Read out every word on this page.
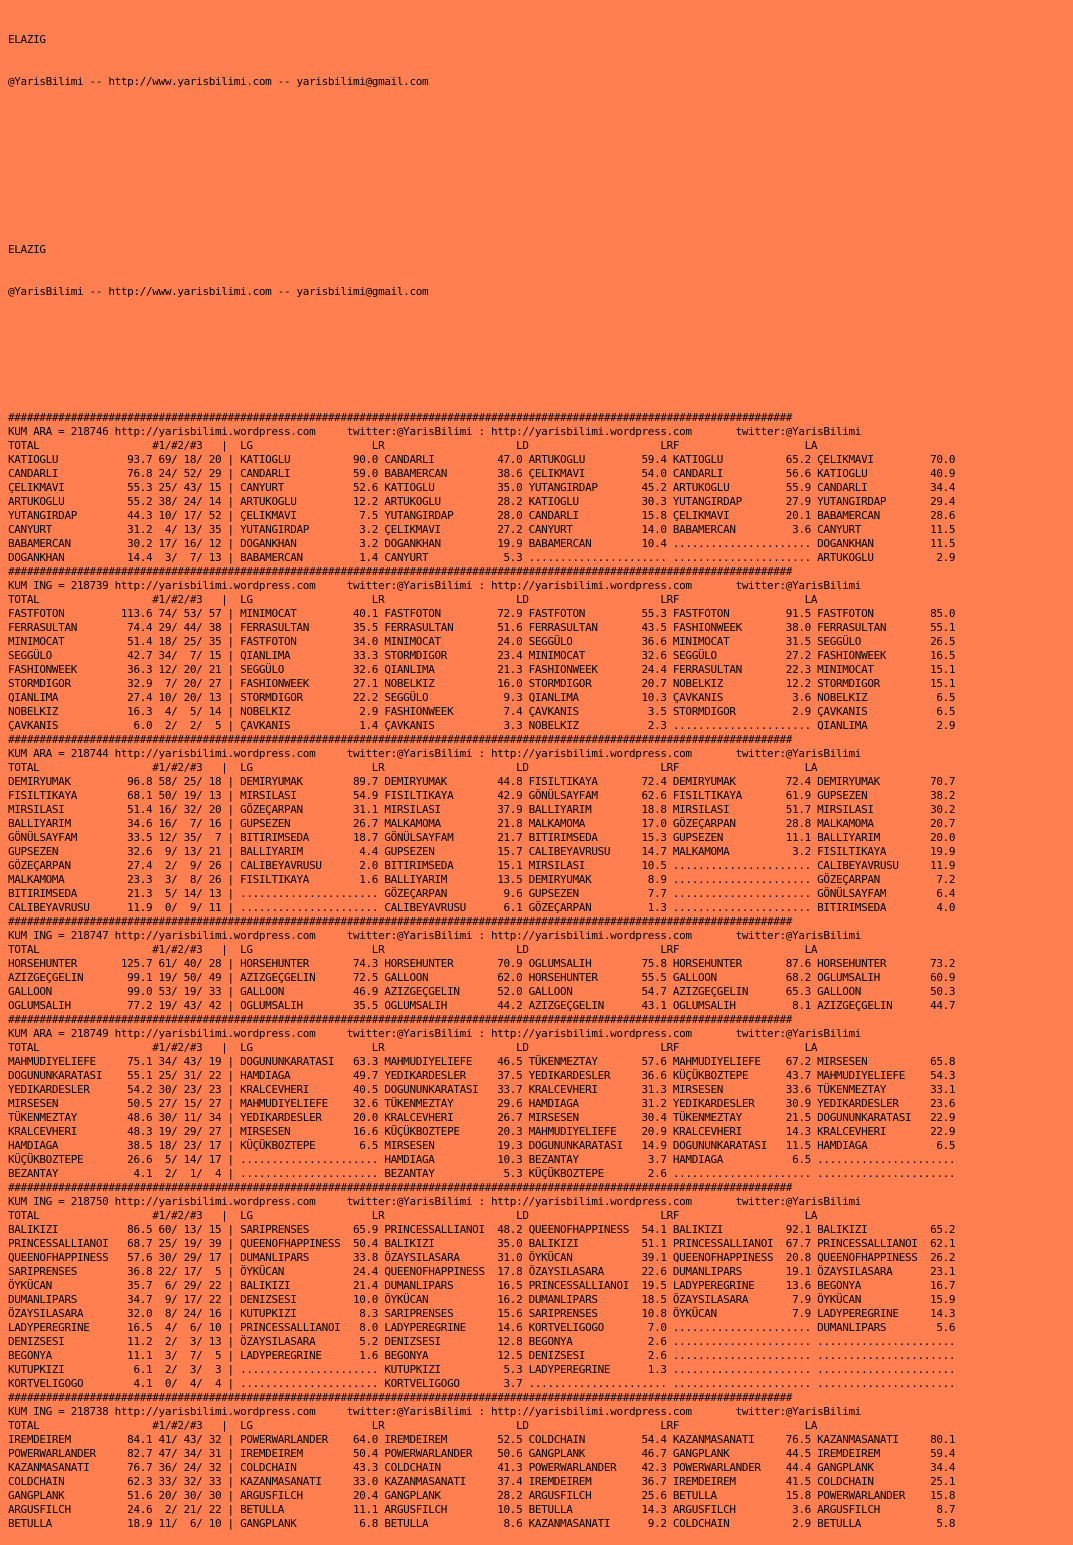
ELAZIG

@YarisBilimi -- http://www.yarisbilimi.com -- yarisbilimi@gmail.com

ELAZIG

@YarisBilimi -- http://www.yarisbilimi.com -- yarisbilimi@gmail.com

#############################################################################################################################
KUM ARA = 218746 http://yarisbilimi.wordpress.com     twitter:@YarisBilimi : http://yarisbilimi.wordpress.com       twitter:@YarisBilimi
TOTAL                  #1/#2/#3   |  LG                   LR                     LD                     LRF                    LA
KATIOGLU           93.7 69/ 18/ 20 | KATIOGLU          90.0 CANDARLI          47.0 ARTUKOGLU         59.4 KATIOGLU          65.2 ÇELIKMAVI         70.0
CANDARLI           76.8 24/ 52/ 29 | CANDARLI          59.0 BABAMERCAN        38.6 ÇELIKMAVI         54.0 CANDARLI          56.6 KATIOGLU          40.9
ÇELIKMAVI          55.3 25/ 43/ 15 | CANYURT           52.6 KATIOGLU          35.0 YUTANGIRDAP       45.2 ARTUKOGLU         55.9 CANDARLI          34.4
ARTUKOGLU          55.2 38/ 24/ 14 | ARTUKOGLU         12.2 ARTUKOGLU         28.2 KATIOGLU          30.3 YUTANGIRDAP       27.9 YUTANGIRDAP       29.4
YUTANGIRDAP        44.3 10/ 17/ 52 | ÇELIKMAVI          7.5 YUTANGIRDAP       28.0 CANDARLI          15.8 ÇELIKMAVI         20.1 BABAMERCAN        28.6
CANYURT            31.2  4/ 13/ 35 | YUTANGIRDAP        3.2 ÇELIKMAVI         27.2 CANYURT           14.0 BABAMERCAN         3.6 CANYURT           11.5
BABAMERCAN         30.2 17/ 16/ 12 | DOGANKHAN          3.2 DOGANKHAN         19.9 BABAMERCAN        10.4 ...................... DOGANKHAN         11.5
DOGANKHAN          14.4  3/  7/ 13 | BABAMERCAN         1.4 CANYURT            5.3 ...................... ...................... ARTUKOGLU          2.9
#############################################################################################################################
KUM ING = 218739 http://yarisbilimi.wordpress.com     twitter:@YarisBilimi : http://yarisbilimi.wordpress.com       twitter:@YarisBilimi
TOTAL                  #1/#2/#3   |  LG                   LR                     LD                     LRF                    LA
FASTFOTON         113.6 74/ 53/ 57 | MINIMOCAT         40.1 FASTFOTON         72.9 FASTFOTON         55.3 FASTFOTON         91.5 FASTFOTON         85.0
FERRASULTAN        74.4 29/ 44/ 38 | FERRASULTAN       35.5 FERRASULTAN       51.6 FERRASULTAN       43.5 FASHIONWEEK       38.0 FERRASULTAN       55.1
MINIMOCAT          51.4 18/ 25/ 35 | FASTFOTON         34.0 MINIMOCAT         24.0 SEGGÜLO           36.6 MINIMOCAT         31.5 SEGGÜLO           26.5
SEGGÜLO            42.7 34/  7/ 15 | QIANLIMA          33.3 STORMDIGOR        23.4 MINIMOCAT         32.6 SEGGÜLO           27.2 FASHIONWEEK       16.5
FASHIONWEEK        36.3 12/ 20/ 21 | SEGGÜLO           32.6 QIANLIMA          21.3 FASHIONWEEK       24.4 FERRASULTAN       22.3 MINIMOCAT         15.1
STORMDIGOR         32.9  7/ 20/ 27 | FASHIONWEEK       27.1 NOBELKIZ          16.0 STORMDIGOR        20.7 NOBELKIZ          12.2 STORMDIGOR        15.1
QIANLIMA           27.4 10/ 20/ 13 | STORMDIGOR        22.2 SEGGÜLO            9.3 QIANLIMA          10.3 ÇAVKANIS           3.6 NOBELKIZ           6.5
NOBELKIZ           16.3  4/  5/ 14 | NOBELKIZ           2.9 FASHIONWEEK        7.4 ÇAVKANIS           3.5 STORMDIGOR         2.9 ÇAVKANIS           6.5
ÇAVKANIS            6.0  2/  2/  5 | ÇAVKANIS           1.4 ÇAVKANIS           3.3 NOBELKIZ           2.3 ...................... QIANLIMA           2.9
#############################################################################################################################
KUM ARA = 218744 http://yarisbilimi.wordpress.com     twitter:@YarisBilimi : http://yarisbilimi.wordpress.com       twitter:@YarisBilimi
TOTAL                  #1/#2/#3   |  LG                   LR                     LD                     LRF                    LA
DEMIRYUMAK         96.8 58/ 25/ 18 | DEMIRYUMAK        89.7 DEMIRYUMAK        44.8 FISILTIKAYA       72.4 DEMIRYUMAK        72.4 DEMIRYUMAK        70.7
FISILTIKAYA        68.1 50/ 19/ 13 | MIRSILASI         54.9 FISILTIKAYA       42.9 GÖNÜLSAYFAM       62.6 FISILTIKAYA       61.9 GUPSEZEN          38.2
MIRSILASI          51.4 16/ 32/ 20 | GÖZEÇARPAN        31.1 MIRSILASI         37.9 BALLIYARIM        18.8 MIRSILASI         51.7 MIRSILASI         30.2
BALLIYARIM         34.6 16/  7/ 16 | GUPSEZEN          26.7 MALKAMOMA         21.8 MALKAMOMA         17.0 GÖZEÇARPAN        28.8 MALKAMOMA         20.7
GÖNÜLSAYFAM        33.5 12/ 35/  7 | BITIRIMSEDA       18.7 GÖNÜLSAYFAM       21.7 BITIRIMSEDA       15.3 GUPSEZEN          11.1 BALLIYARIM        20.0
GUPSEZEN           32.6  9/ 13/ 21 | BALLIYARIM         4.4 GUPSEZEN          15.7 CALIBEYAVRUSU     14.7 MALKAMOMA          3.2 FISILTIKAYA       19.9
GÖZEÇARPAN         27.4  2/  9/ 26 | CALIBEYAVRUSU      2.0 BITIRIMSEDA       15.1 MIRSILASI         10.5 ...................... CALIBEYAVRUSU     11.9
MALKAMOMA          23.3  3/  8/ 26 | FISILTIKAYA        1.6 BALLIYARIM        13.5 DEMIRYUMAK         8.9 ...................... GÖZEÇARPAN         7.2
BITIRIMSEDA        21.3  5/ 14/ 13 | ...................... GÖZEÇARPAN         9.6 GUPSEZEN           7.7 ...................... GÖNÜLSAYFAM        6.4
CALIBEYAVRUSU      11.9  0/  9/ 11 | ...................... CALIBEYAVRUSU      6.1 GÖZEÇARPAN         1.3 ...................... BITIRIMSEDA        4.0
#############################################################################################################################
KUM ING = 218747 http://yarisbilimi.wordpress.com     twitter:@YarisBilimi : http://yarisbilimi.wordpress.com       twitter:@YarisBilimi
TOTAL                  #1/#2/#3   |  LG                   LR                     LD                     LRF                    LA
HORSEHUNTER       125.7 61/ 40/ 28 | HORSEHUNTER       74.3 HORSEHUNTER       70.9 OGLUMSALIH        75.8 HORSEHUNTER       87.6 HORSEHUNTER       73.2
AZIZGEÇGELIN       99.1 19/ 50/ 49 | AZIZGEÇGELIN      72.5 GALLOON           62.0 HORSEHUNTER       55.5 GALLOON           68.2 OGLUMSALIH        60.9
GALLOON            99.0 53/ 19/ 33 | GALLOON           46.9 AZIZGEÇGELIN      52.0 GALLOON           54.7 AZIZGEÇGELIN      65.3 GALLOON           50.3
OGLUMSALIH         77.2 19/ 43/ 42 | OGLUMSALIH        35.5 OGLUMSALIH        44.2 AZIZGEÇGELIN      43.1 OGLUMSALIH         8.1 AZIZGEÇGELIN      44.7
#############################################################################################################################
KUM ARA = 218749 http://yarisbilimi.wordpress.com     twitter:@YarisBilimi : http://yarisbilimi.wordpress.com       twitter:@YarisBilimi
TOTAL                  #1/#2/#3   |  LG                   LR                     LD                     LRF                    LA
MAHMUDIYELIEFE     75.1 34/ 43/ 19 | DOGUNUNKARATASI   63.3 MAHMUDIYELIEFE    46.5 TÜKENMEZTAY       57.6 MAHMUDIYELIEFE    67.2 MIRSESEN          65.8
DOGUNUNKARATASI    55.1 25/ 31/ 22 | HAMDIAGA          49.7 YEDIKARDESLER     37.5 YEDIKARDESLER     36.6 KÜÇÜKBOZTEPE      43.7 MAHMUDIYELIEFE    54.3
YEDIKARDESLER      54.2 30/ 23/ 23 | KRALCEVHERI       40.5 DOGUNUNKARATASI   33.7 KRALCEVHERI       31.3 MIRSESEN          33.6 TÜKENMEZTAY       33.1
MIRSESEN           50.5 27/ 15/ 27 | MAHMUDIYELIEFE    32.6 TÜKENMEZTAY       29.6 HAMDIAGA          31.2 YEDIKARDESLER     30.9 YEDIKARDESLER     23.6
TÜKENMEZTAY        48.6 30/ 11/ 34 | YEDIKARDESLER     20.0 KRALCEVHERI       26.7 MIRSESEN          30.4 TÜKENMEZTAY       21.5 DOGUNUNKARATASI   22.9
KRALCEVHERI        48.3 19/ 29/ 27 | MIRSESEN          16.6 KÜÇÜKBOZTEPE      20.3 MAHMUDIYELIEFE    20.9 KRALCEVHERI       14.3 KRALCEVHERI       22.9
HAMDIAGA           38.5 18/ 23/ 17 | KÜÇÜKBOZTEPE       6.5 MIRSESEN          19.3 DOGUNUNKARATASI   14.9 DOGUNUNKARATASI   11.5 HAMDIAGA           6.5
KÜÇÜKBOZTEPE       26.6  5/ 14/ 17 | ...................... HAMDIAGA          10.3 BEZANTAY           3.7 HAMDIAGA           6.5 ......................
BEZANTAY            4.1  2/  1/  4 | ...................... BEZANTAY           5.3 KÜÇÜKBOZTEPE       2.6 ...................... ......................
#############################################################################################################################
KUM ING = 218750 http://yarisbilimi.wordpress.com     twitter:@YarisBilimi : http://yarisbilimi.wordpress.com       twitter:@YarisBilimi
TOTAL                  #1/#2/#3   |  LG                   LR                     LD                     LRF                    LA
BALIKIZI           86.5 60/ 13/ 15 | SARIPRENSES       65.9 PRINCESSALLIANOI  48.2 QUEENOFHAPPINESS  54.1 BALIKIZI          92.1 BALIKIZI          65.2
PRINCESSALLIANOI   68.7 25/ 19/ 39 | QUEENOFHAPPINESS  50.4 BALIKIZI          35.0 BALIKIZI          51.1 PRINCESSALLIANOI  67.7 PRINCESSALLIANOI  62.1
QUEENOFHAPPINESS   57.6 30/ 29/ 17 | DUMANLIPARS       33.8 ÖZAYSILASARA      31.0 ÖYKÜCAN           39.1 QUEENOFHAPPINESS  20.8 QUEENOFHAPPINESS  26.2
SARIPRENSES        36.8 22/ 17/  5 | ÖYKÜCAN           24.4 QUEENOFHAPPINESS  17.8 ÖZAYSILASARA      22.6 DUMANLIPARS       19.1 ÖZAYSILASARA      23.1
ÖYKÜCAN            35.7  6/ 29/ 22 | BALIKIZI          21.4 DUMANLIPARS       16.5 PRINCESSALLIANOI  19.5 LADYPEREGRINE     13.6 BEGONYA           16.7
DUMANLIPARS        34.7  9/ 17/ 22 | DENIZSESI         10.0 ÖYKÜCAN           16.2 DUMANLIPARS       18.5 ÖZAYSILASARA       7.9 ÖYKÜCAN           15.9
ÖZAYSILASARA       32.0  8/ 24/ 16 | KUTUPKIZI          8.3 SARIPRENSES       15.6 SARIPRENSES       10.8 ÖYKÜCAN            7.9 LADYPEREGRINE     14.3
LADYPEREGRINE      16.5  4/  6/ 10 | PRINCESSALLIANOI   8.0 LADYPEREGRINE     14.6 KORTVELIGOGO       7.0 ...................... DUMANLIPARS        5.6
DENIZSESI          11.2  2/  3/ 13 | ÖZAYSILASARA       5.2 DENIZSESI         12.8 BEGONYA            2.6 ...................... ......................
BEGONYA            11.1  3/  7/  5 | LADYPEREGRINE      1.6 BEGONYA           12.5 DENIZSESI          2.6 ...................... ......................
KUTUPKIZI           6.1  2/  3/  3 | ...................... KUTUPKIZI          5.3 LADYPEREGRINE      1.3 ...................... ......................
KORTVELIGOGO        4.1  0/  4/  4 | ...................... KORTVELIGOGO       3.7 ...................... ...................... ......................
#############################################################################################################################
KUM ING = 218738 http://yarisbilimi.wordpress.com     twitter:@YarisBilimi : http://yarisbilimi.wordpress.com       twitter:@YarisBilimi
TOTAL                  #1/#2/#3   |  LG                   LR                     LD                     LRF                    LA
IREMDEIREM         84.1 41/ 43/ 32 | POWERWARLANDER    64.0 IREMDEIREM        52.5 COLDCHAIN         54.4 KAZANMASANATI     76.5 KAZANMASANATI     80.1
POWERWARLANDER     82.7 47/ 34/ 31 | IREMDEIREM        50.4 POWERWARLANDER    50.6 GANGPLANK         46.7 GANGPLANK         44.5 IREMDEIREM        59.4
KAZANMASANATI      76.7 36/ 24/ 32 | COLDCHAIN         43.3 COLDCHAIN         41.3 POWERWARLANDER    42.3 POWERWARLANDER    44.4 GANGPLANK         34.4
COLDCHAIN          62.3 33/ 32/ 33 | KAZANMASANATI     33.0 KAZANMASANATI     37.4 IREMDEIREM        36.7 IREMDEIREM        41.5 COLDCHAIN         25.1
GANGPLANK          51.6 20/ 30/ 30 | ARGUSFILCH        20.4 GANGPLANK         28.2 ARGUSFILCH        25.6 BETULLA           15.8 POWERWARLANDER    15.8
ARGUSFILCH         24.6  2/ 21/ 22 | BETULLA           11.1 ARGUSFILCH        10.5 BETULLA           14.3 ARGUSFILCH         3.6 ARGUSFILCH         8.7
BETULLA            18.9 11/  6/ 10 | GANGPLANK          6.8 BETULLA            8.6 KAZANMASANATI      9.2 COLDCHAIN          2.9 BETULLA            5.8
